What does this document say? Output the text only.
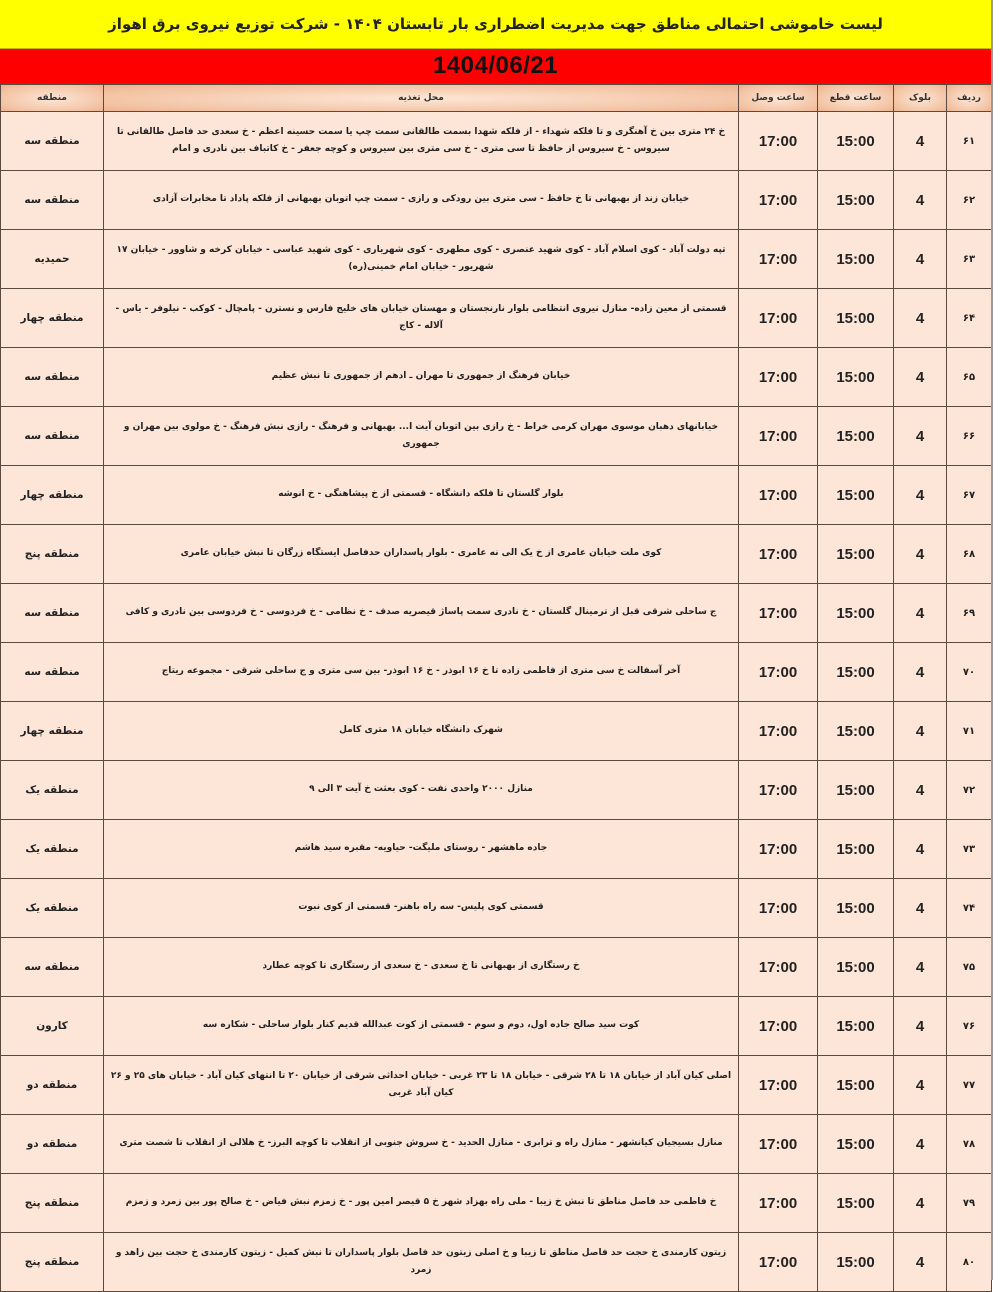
لیست خاموشی احتمالی مناطق جهت مدیریت اضطراری بار تابستان ۱۴۰۴ - شرکت توزیع نیروی برق اهواز
1404/06/21
منطقه	محل تغذیه	ساعت وصل	ساعت قطع	بلوک	ردیف
منطقه سه	خ ۲۴ متری بین خ آهنگری و تا فلکه شهداء - از فلکه شهدا بسمت طالقانی سمت چپ یا سمت حسینه اعظم - خ سعدی حد فاصل طالقانی تا سیروس - خ سیروس از حافظ تا سی متری - خ سی متری بین سیروس و کوچه جعفر - خ کاتباف بین نادری و امام	17:00	15:00	4	۶۱
منطقه سه	خیابان زند از بهبهانی تا خ حافظ - سی متری بین رودکی و رازی - سمت چپ اتوبان بهبهانی از فلکه پاداد تا مخابرات آزادی	17:00	15:00	4	۶۲
حمیدیه	تپه دولت آباد - کوی اسلام آباد - کوی شهید عنصری - کوی مطهری - کوی شهریاری - کوی شهید عباسی - خیابان کرخه و شاوور - خیابان ۱۷ شهریور - خیابان امام خمینی(ره)	17:00	15:00	4	۶۳
منطقه چهار	قسمتی از معین زاده- منازل نیروی انتظامی بلوار نارنجستان و مهستان خیابان های خلیج فارس و نسترن - پامچال - کوکب - نیلوفر - یاس - آلاله - کاج	17:00	15:00	4	۶۴
منطقه سه	خیابان فرهنگ از جمهوری تا مهران ـ ادهم از جمهوری تا نبش عظیم	17:00	15:00	4	۶۵
منطقه سه	خیابانهای دهبان موسوی مهران کرمی خراط - خ رازی بین اتوبان آیت ا... بهبهانی و فرهنگ - رازی نبش فرهنگ - خ مولوی بین مهران و جمهوری	17:00	15:00	4	۶۶
منطقه چهار	بلوار گلستان تا فلکه دانشگاه - قسمتی از خ پیشاهنگی - خ انوشه	17:00	15:00	4	۶۷
منطقه پنج	کوی ملت خیابان عامری از خ یک الی نه عامری - بلوار پاسداران حدفاصل ایستگاه زرگان تا نبش خیابان عامری	17:00	15:00	4	۶۸
منطقه سه	ج ساحلی شرقی قبل از ترمینال گلستان - خ نادری سمت پاساژ قیصریه صدف - خ نظامی - خ فردوسی - خ فردوسی بین نادری و کافی	17:00	15:00	4	۶۹
منطقه سه	آخر آسفالت خ سی متری از فاطمی زاده تا خ ۱۶ ابوذر - خ ۱۶ ابوذر- بین سی متری و ج ساحلی شرقی - مجموعه ریتاج	17:00	15:00	4	۷۰
منطقه چهار	شهرک دانشگاه خیابان ۱۸ متری کامل	17:00	15:00	4	۷۱
منطقه یک	منازل ۲۰۰۰ واحدی نفت - کوی بعثت خ آیت ۳ الی ۹	17:00	15:00	4	۷۲
منطقه یک	جاده ماهشهر - روستای ملیگت- حیاویه- مقبره سید هاشم	17:00	15:00	4	۷۳
منطقه یک	قسمتی کوی پلیس- سه راه باهنر- قسمتی از کوی نبوت	17:00	15:00	4	۷۴
منطقه سه	خ رستگاری از بهبهانی تا خ سعدی - خ سعدی از رستگاری تا کوچه عطارد	17:00	15:00	4	۷۵
کارون	کوت سید صالح جاده اول، دوم و سوم - قسمتی از کوت عبدالله قدیم کنار بلوار ساحلی - شکاره سه	17:00	15:00	4	۷۶
منطقه دو	اصلی کیان آباد از خیابان ۱۸ تا ۲۸ شرقی - خیابان ۱۸ تا ۲۳ غربی - خیابان احداثی شرقی از خیابان ۲۰ تا انتهای کیان آباد - خیابان های ۲۵ و ۲۶ کیان آباد غربی	17:00	15:00	4	۷۷
منطقه دو	منازل بسیجیان کیانشهر - منازل راه و ترابری - منازل الحدید - خ سروش جنوبی از انقلاب تا کوچه البرز- خ هلالی از انقلاب تا شصت متری	17:00	15:00	4	۷۸
منطقه پنج	خ فاطمی حد فاصل مناطق تا نبش خ زیبا - ملی راه بهزاد شهر خ ۵ قیصر امین پور - خ زمزم نبش فیاض - خ صالح پور بین زمرد و زمزم	17:00	15:00	4	۷۹
منطقه پنج	زیتون کارمندی خ حجت حد فاصل مناطق تا زیبا و خ اصلی زیتون حد فاصل بلوار پاسداران تا نبش کمیل - زیتون کارمندی خ حجت بین زاهد و زمرد	17:00	15:00	4	۸۰
